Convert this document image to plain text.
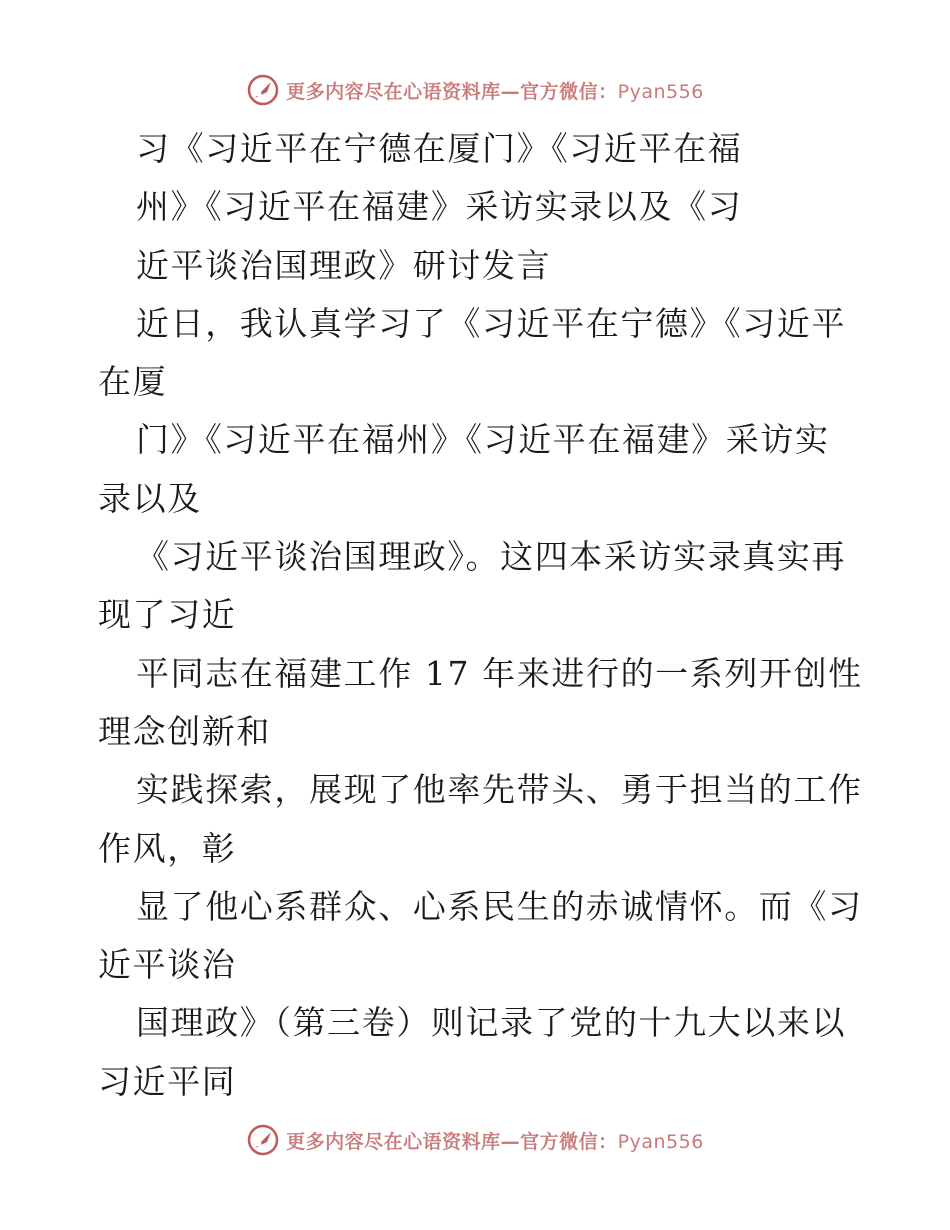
更多内容尽在心语资料库—官方微信：Pyan556
习《习近平在宁德在厦门》《习近平在福
州》《习近平在福建》采访实录以及《习
近平谈治国理政》研讨发言
近日，我认真学习了《习近平在宁德》《习近平
在厦
门》《习近平在福州》《习近平在福建》采访实
录以及
《习近平谈治国理政》。这四本采访实录真实再
现了习近
平同志在福建工作 17 年来进行的一系列开创性
理念创新和
实践探索，展现了他率先带头、勇于担当的工作
作风，彰
显了他心系群众、心系民生的赤诚情怀。而《习
近平谈治
国理政》（第三卷）则记录了党的十九大以来以
习近平同
更多内容尽在心语资料库—官方微信：Pyan556
